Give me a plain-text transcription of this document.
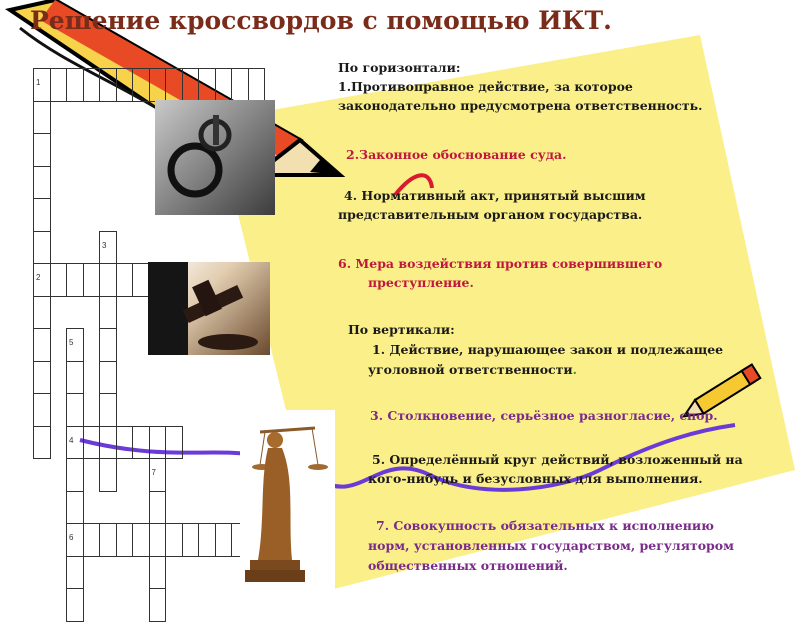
1
2
3
4
5
6
7
Решение кроссвордов с помощью ИКТ.
По горизонтали:
1.Противоправное действие, за которое
законодательно предусмотрена ответственность.
2.Законное обоснование суда.
4. Нормативный акт, принятый высшим
представительным органом государства.
6. Мера воздействия против совершившего
преступление.
По вертикали:
1. Действие, нарушающее закон и подлежащее
уголовной ответственности.
3. Столкновение, серьёзное разногласие, спор.
5. Определённый круг действий, возложенный на
кого-нибудь и безусловных для выполнения.
7. Совокупность обязательных к исполнению
норм, установленных государством, регулятором
общественных отношений.
